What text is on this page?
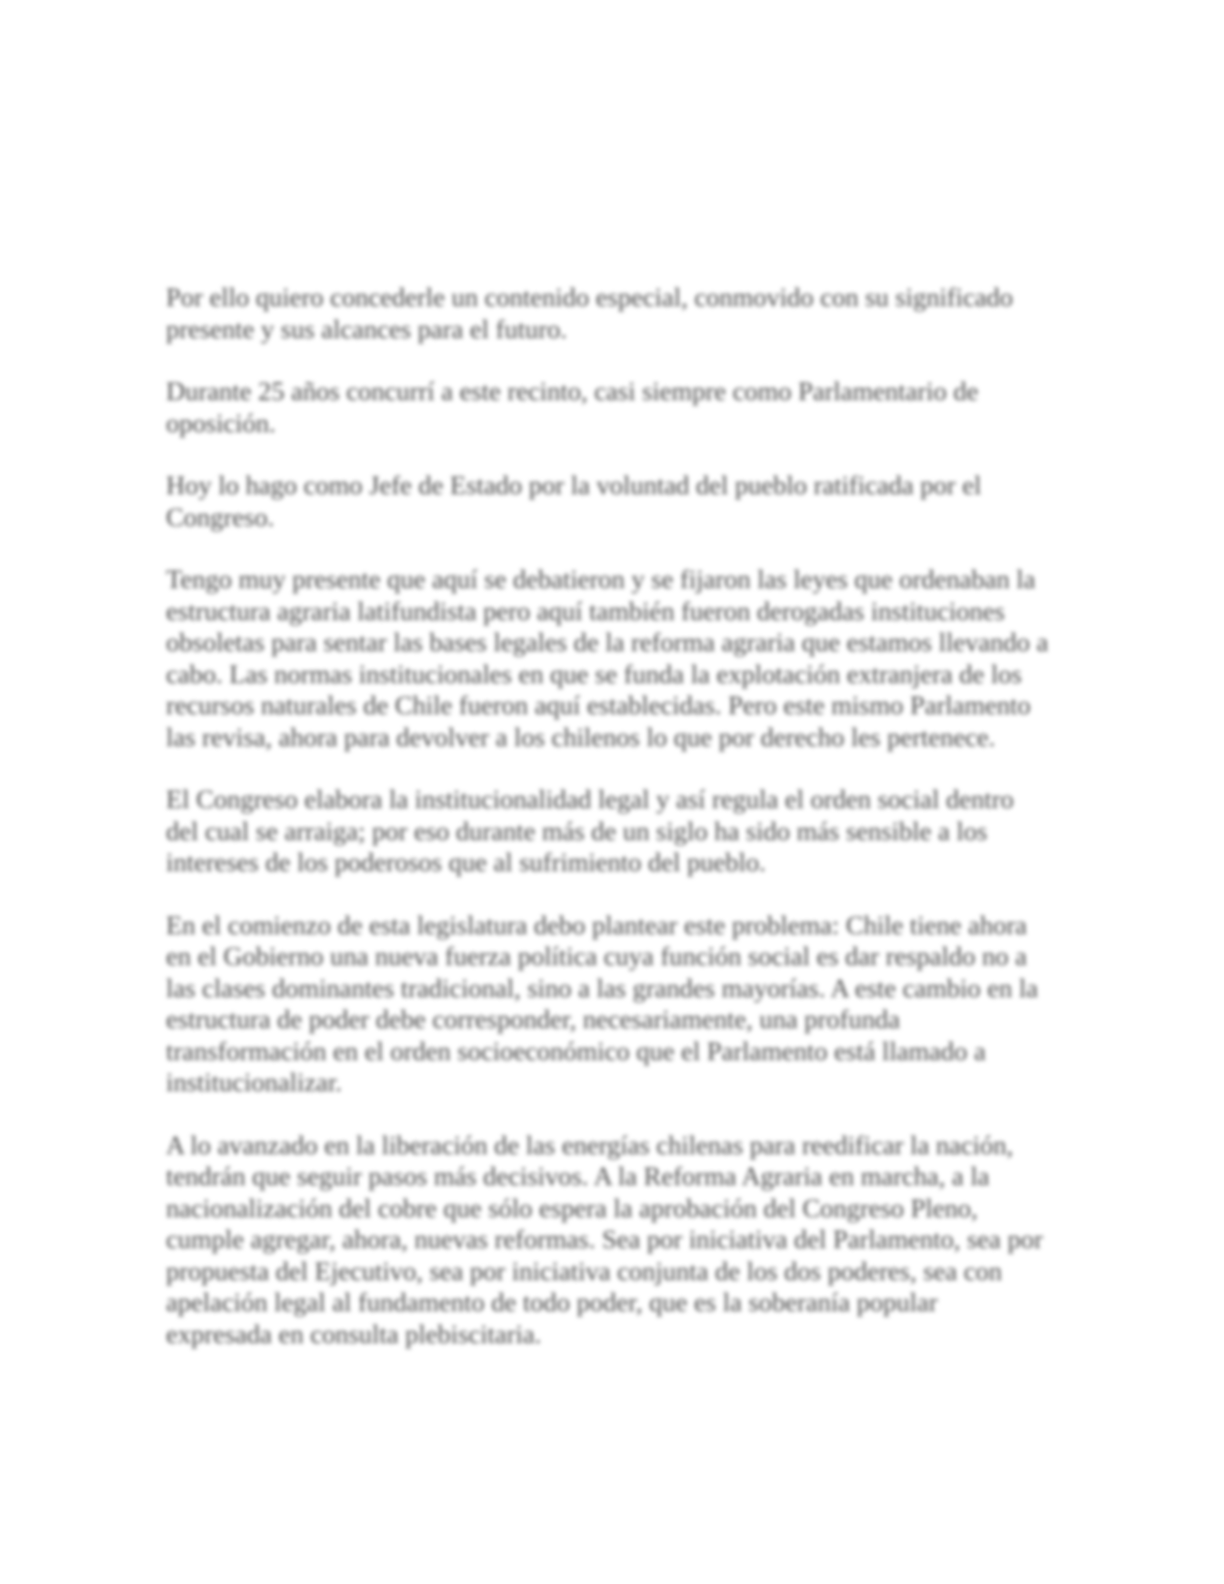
Por ello quiero concederle un contenido especial, conmovido con su significado presente y sus alcances para el futuro.

Durante 25 años concurrí a este recinto, casi siempre como Parlamentario de oposición.

Hoy lo hago como Jefe de Estado por la voluntad del pueblo ratificada por el Congreso.

Tengo muy presente que aquí se debatieron y se fijaron las leyes que ordenaban la estructura agraria latifundista pero aquí también fueron derogadas instituciones obsoletas para sentar las bases legales de la reforma agraria que estamos llevando a cabo. Las normas institucionales en que se funda la explotación extranjera de los recursos naturales de Chile fueron aquí establecidas. Pero este mismo Parlamento las revisa, ahora para devolver a los chilenos lo que por derecho les pertenece.

El Congreso elabora la institucionalidad legal y así regula el orden social dentro del cual se arraiga; por eso durante más de un siglo ha sido más sensible a los intereses de los poderosos que al sufrimiento del pueblo.

En el comienzo de esta legislatura debo plantear este problema: Chile tiene ahora en el Gobierno una nueva fuerza política cuya función social es dar respaldo no a las clases dominantes tradicional, sino a las grandes mayorías. A este cambio en la estructura de poder debe corresponder, necesariamente, una profunda transformación en el orden socioeconómico que el Parlamento está llamado a institucionalizar.

A lo avanzado en la liberación de las energías chilenas para reedificar la nación, tendrán que seguir pasos más decisivos. A la Reforma Agraria en marcha, a la nacionalización del cobre que sólo espera la aprobación del Congreso Pleno, cumple agregar, ahora, nuevas reformas. Sea por iniciativa del Parlamento, sea por propuesta del Ejecutivo, sea por iniciativa conjunta de los dos poderes, sea con apelación legal al fundamento de todo poder, que es la soberanía popular expresada en consulta plebiscitaria.
